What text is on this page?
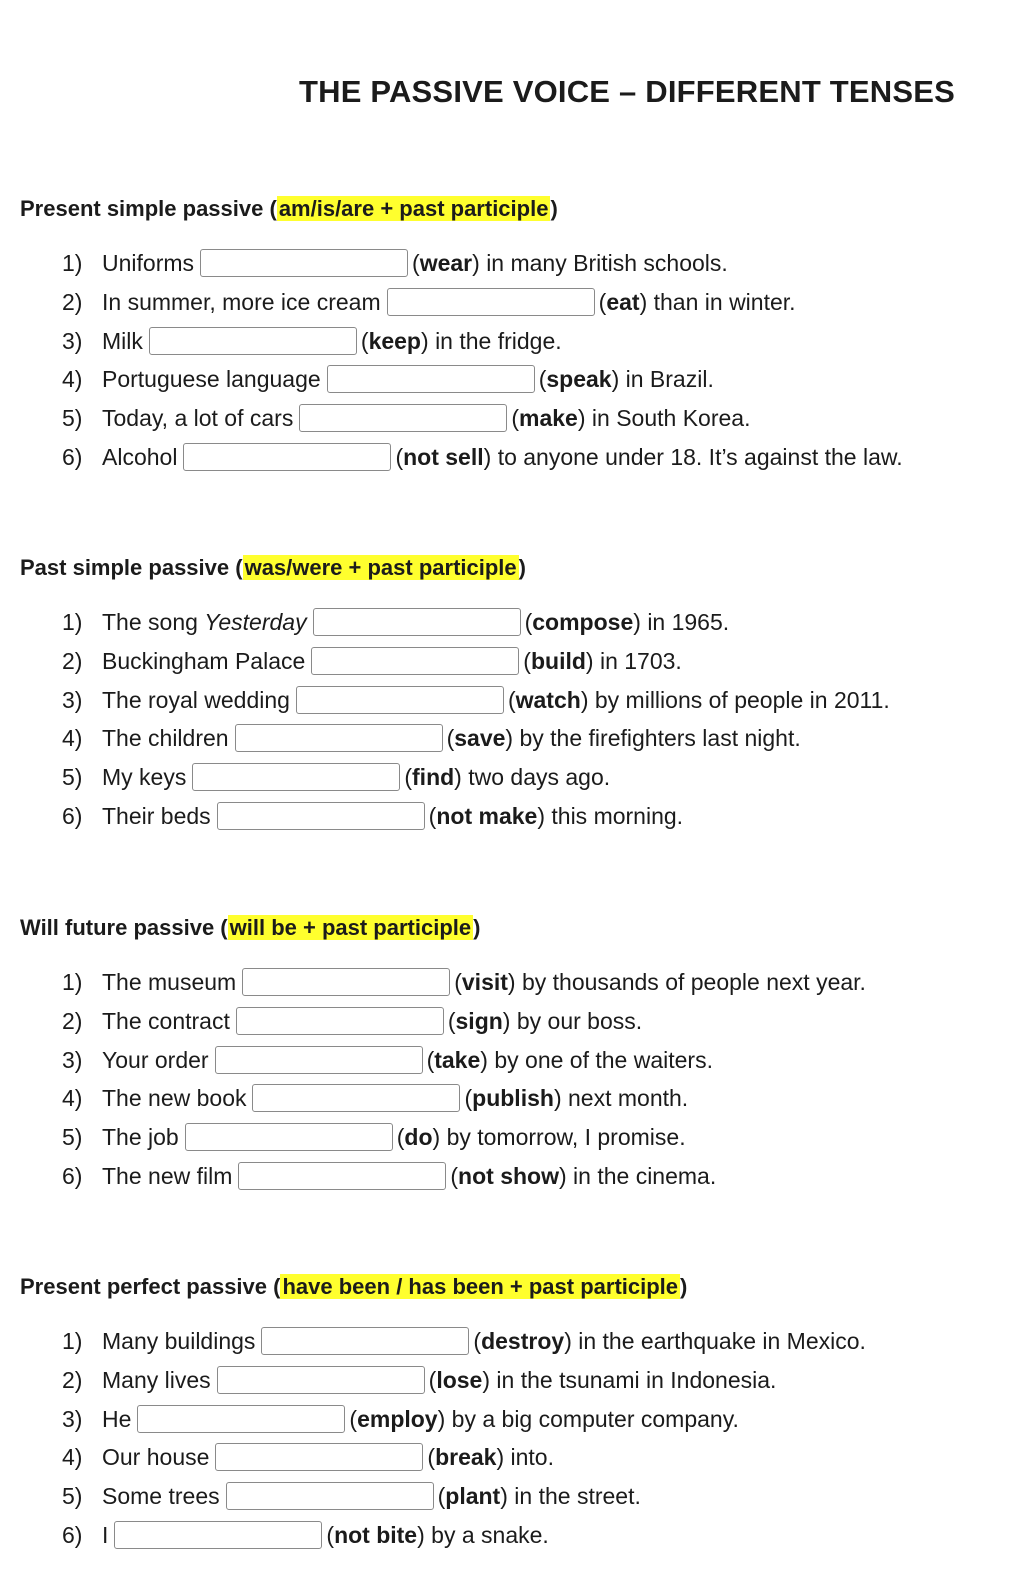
THE PASSIVE VOICE – DIFFERENT TENSES
Present simple passive (am/is/are + past participle)
1) Uniforms	(wear) in many British schools.
2) In summer, more ice cream	(eat) than in winter.
3) Milk	(keep) in the fridge.
4) Portuguese language	(speak) in Brazil.
5) Today, a lot of cars	(make) in South Korea.
6) Alcohol	(not sell) to anyone under 18. It’s against the law.
Past simple passive (was/were + past participle)
1) The song Yesterday	(compose) in 1965.
2) Buckingham Palace	(build) in 1703.
3) The royal wedding	(watch) by millions of people in 2011.
4) The children	(save) by the firefighters last night.
5) My keys	(find) two days ago.
6) Their beds	(not make) this morning.
Will future passive (will be + past participle)
1) The museum	(visit) by thousands of people next year.
2) The contract	(sign) by our boss.
3) Your order	(take) by one of the waiters.
4) The new book	(publish) next month.
5) The job	(do) by tomorrow, I promise.
6) The new film	(not show) in the cinema.
Present perfect passive (have been / has been + past participle)
1) Many buildings	(destroy) in the earthquake in Mexico.
2) Many lives	(lose) in the tsunami in Indonesia.
3) He	(employ) by a big computer company.
4) Our house	(break) into.
5) Some trees	(plant) in the street.
6) I	(not bite) by a snake.
